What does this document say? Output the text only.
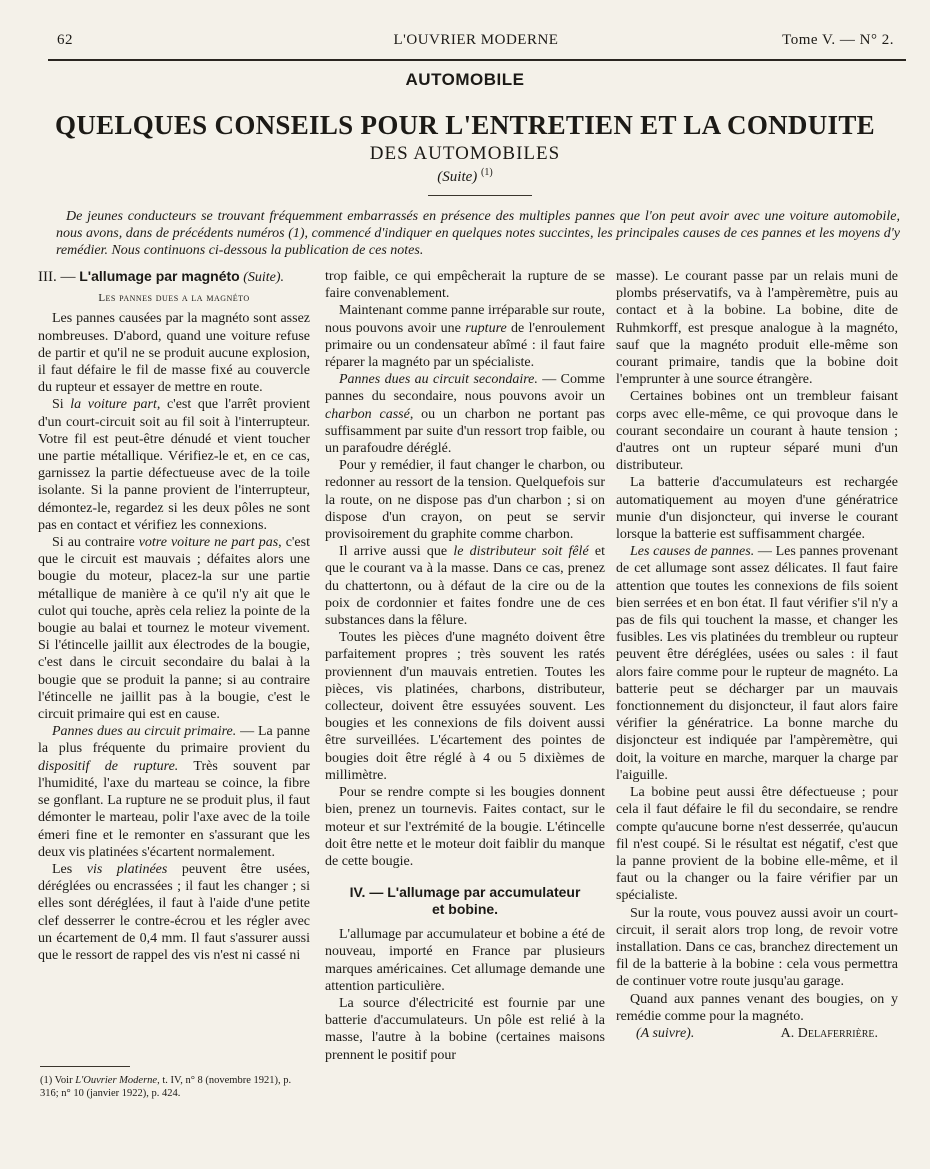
62	L'OUVRIER MODERNE	Tome V. — N° 2.
AUTOMOBILE
QUELQUES CONSEILS POUR L'ENTRETIEN ET LA CONDUITE
DES AUTOMOBILES
(Suite) $^{(1)}$
De jeunes conducteurs se trouvant fréquemment embarrassés en présence des multiples pannes que l'on peut avoir avec une voiture automobile, nous avons, dans de précédents numéros (1), commencé d'indiquer en quelques notes succintes, les principales causes de ces pannes et les moyens d'y remédier. Nous continuons ci-dessous la publication de ces notes.
III. — L'allumage par magnéto (Suite).
Les pannes dues a la magnéto

Les pannes causées par la magnéto sont assez nombreuses. D'abord, quand une voiture refuse de partir et qu'il ne se produit aucune explosion, il faut défaire le fil de masse fixé au couvercle du rupteur et essayer de mettre en route.

Si la voiture part, c'est que l'arrêt provient d'un court-circuit soit au fil soit à l'interrupteur. Votre fil est peut-être dénudé et vient toucher une partie métallique. Vérifiez-le et, en ce cas, garnissez la partie défectueuse avec de la toile isolante. Si la panne provient de l'interrupteur, démontez-le, regardez si les deux pôles ne sont pas en contact et vérifiez les connexions.

Si au contraire votre voiture ne part pas, c'est que le circuit est mauvais ; défaites alors une bougie du moteur, placez-la sur une partie métallique de manière à ce qu'il n'y ait que le culot qui touche, après cela reliez la pointe de la bougie au balai et tournez le moteur vivement. Si l'étincelle jaillit aux électrodes de la bougie, c'est dans le circuit secondaire du balai à la bougie que se produit la panne; si au contraire l'étincelle ne jaillit pas à la bougie, c'est le circuit primaire qui est en cause.

Pannes dues au circuit primaire. — La panne la plus fréquente du primaire provient du dispositif de rupture. Très souvent par l'humidité, l'axe du marteau se coince, la fibre se gonflant. La rupture ne se produit plus, il faut démonter le marteau, polir l'axe avec de la toile émeri fine et le remonter en s'assurant que les deux vis platinées s'écartent normalement.

Les vis platinées peuvent être usées, déréglées ou encrassées ; il faut les changer ; si elles sont déréglées, il faut à l'aide d'une petite clef desserrer le contre-écrou et les régler avec un écartement de 0,4 mm. Il faut s'assurer aussi que le ressort de rappel des vis n'est ni cassé ni

(1) Voir L'Ouvrier Moderne, t. IV, n° 8 (novembre 1921), p. 316; n° 10 (janvier 1922), p. 424.

trop faible, ce qui empêcherait la rupture de se faire convenablement.

Maintenant comme panne irréparable sur route, nous pouvons avoir une rupture de l'enroulement primaire ou un condensateur abîmé : il faut faire réparer la magnéto par un spécialiste.

Pannes dues au circuit secondaire. — Comme pannes du secondaire, nous pouvons avoir un charbon cassé, ou un charbon ne portant pas suffisamment par suite d'un ressort trop faible, ou un parafoudre déréglé.

Pour y remédier, il faut changer le charbon, ou redonner au ressort de la tension. Quelquefois sur la route, on ne dispose pas d'un charbon ; si on dispose d'un crayon, on peut se servir provisoirement du graphite comme charbon.

Il arrive aussi que le distributeur soit fêlé et que le courant va à la masse. Dans ce cas, prenez du chattertonn, ou à défaut de la cire ou de la poix de cordonnier et faites fondre une de ces substances dans la fêlure.

Toutes les pièces d'une magnéto doivent être parfaitement propres ; très souvent les ratés proviennent d'un mauvais entretien. Toutes les pièces, vis platinées, charbons, distributeur, collecteur, doivent être essuyées souvent. Les bougies et les connexions de fils doivent aussi être surveillées. L'écartement des pointes de bougies doit être réglé à 4 ou 5 dixièmes de millimètre.

Pour se rendre compte si les bougies donnent bien, prenez un tournevis. Faites contact, sur le moteur et sur l'extrémité de la bougie. L'étincelle doit être nette et le moteur doit faiblir du manque de cette bougie.

IV. — L'allumage par accumulateur
et bobine.

L'allumage par accumulateur et bobine a été de nouveau, importé en France par plusieurs marques américaines. Cet allumage demande une attention particulière.

La source d'électricité est fournie par une batterie d'accumulateurs. Un pôle est relié à la masse, l'autre à la bobine (certaines maisons prennent le positif pour

masse). Le courant passe par un relais muni de plombs préservatifs, va à l'ampèremètre, puis au contact et à la bobine. La bobine, dite de Ruhmkorff, est presque analogue à la magnéto, sauf que la magnéto produit elle-même son courant primaire, tandis que la bobine doit l'emprunter à une source étrangère.

Certaines bobines ont un trembleur faisant corps avec elle-même, ce qui provoque dans le courant secondaire un courant à haute tension ; d'autres ont un rupteur séparé muni d'un distributeur.

La batterie d'accumulateurs est rechargée automatiquement au moyen d'une génératrice munie d'un disjoncteur, qui inverse le courant lorsque la batterie est suffisamment chargée.

Les causes de pannes. — Les pannes provenant de cet allumage sont assez délicates. Il faut faire attention que toutes les connexions de fils soient bien serrées et en bon état. Il faut vérifier s'il n'y a pas de fils qui touchent la masse, et changer les fusibles. Les vis platinées du trembleur ou rupteur peuvent être déréglées, usées ou sales : il faut alors faire comme pour le rupteur de magnéto. La batterie peut se décharger par un mauvais fonctionnement du disjoncteur, il faut alors faire vérifier la génératrice. La bonne marche du disjoncteur est indiquée par l'ampèremètre, qui doit, la voiture en marche, marquer la charge par l'aiguille.

La bobine peut aussi être défectueuse ; pour cela il faut défaire le fil du secondaire, se rendre compte qu'aucune borne n'est desserrée, qu'aucun fil n'est coupé. Si le résultat est négatif, c'est que la panne provient de la bobine elle-même, et il faut ou la changer ou la faire vérifier par un spécialiste.

Sur la route, vous pouvez aussi avoir un court-circuit, il serait alors trop long, de revoir votre installation. Dans ce cas, branchez directement un fil de la batterie à la bobine : cela vous permettra de continuer votre route jusqu'au garage.

Quand aux pannes venant des bougies, on y remédie comme pour la magnéto.

(A suivre).	A. Delaferrière.
